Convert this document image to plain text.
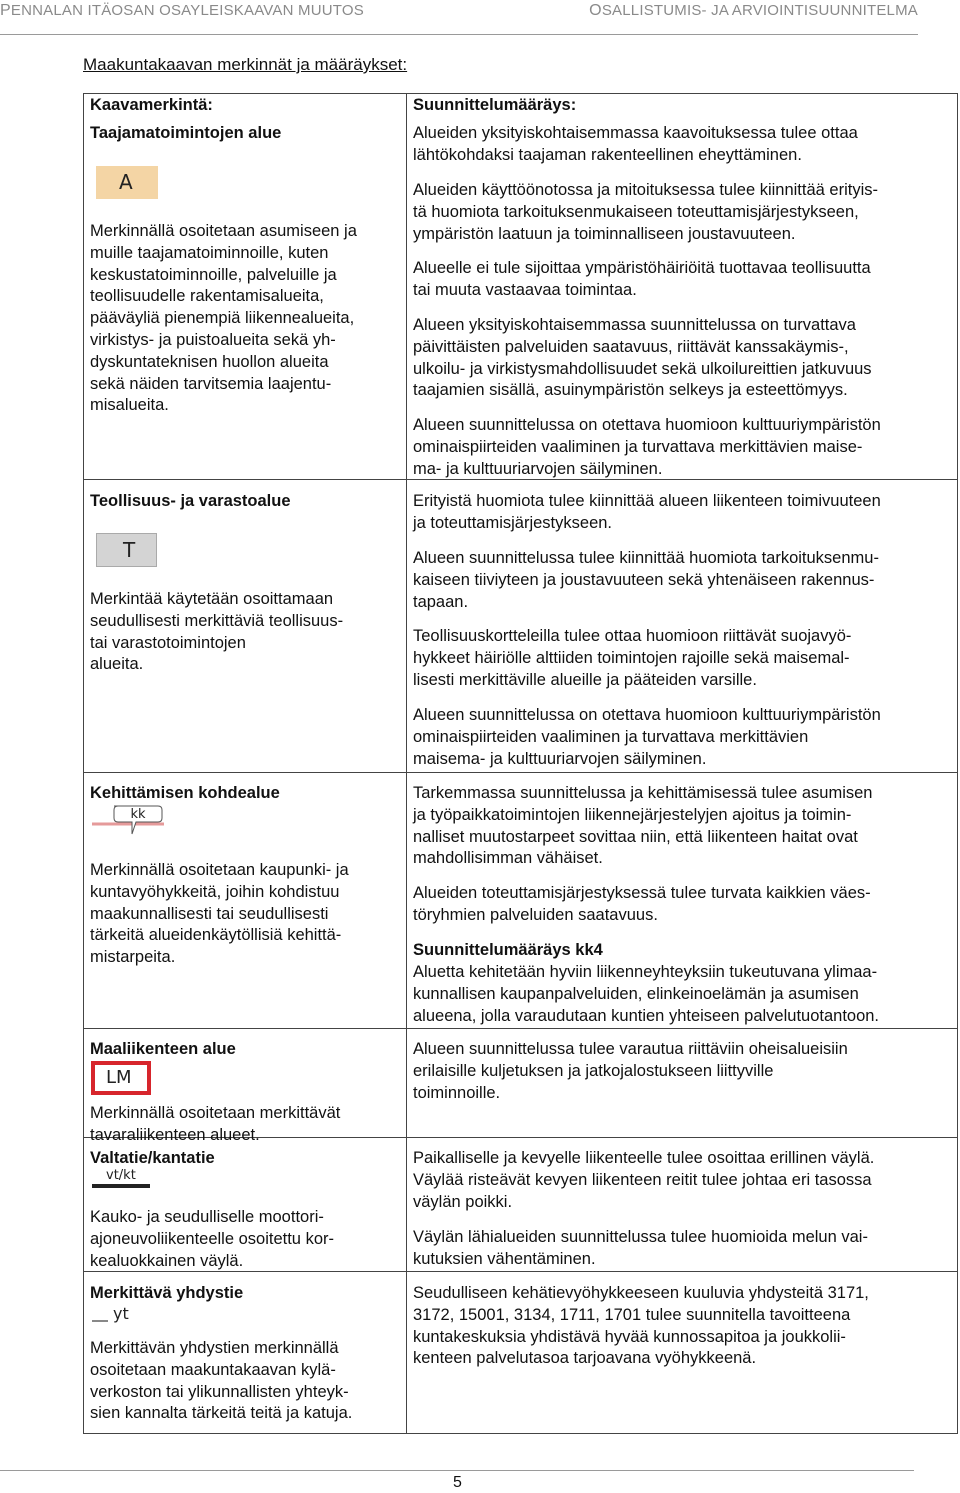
PENNALAN ITÄOSAN OSAYLEISKAAVAN MUUTOS	OSALLISTUMIS- JA ARVIOINTISUUNNITELMA
Maakuntakaavan merkinnät ja määräykset:
Kaavamerkintä:	Suunnittelumääräys:
Taajamatoimintojen alue
A
Merkinnällä osoitetaan asumiseen ja
muille taajamatoiminnoille, kuten
keskustatoiminnoille, palveluille ja
teollisuudelle rakentamisalueita,
pääväyliä pienempiä liikennealueita,
virkistys- ja puistoalueita sekä yh-
dyskuntateknisen huollon alueita
sekä näiden tarvitsemia laajentu-
misalueita.
Alueiden yksityiskohtaisemmassa kaavoituksessa tulee ottaa
lähtökohdaksi taajaman rakenteellinen eheyttäminen.
Alueiden käyttöönotossa ja mitoituksessa tulee kiinnittää erityis-
tä huomiota tarkoituksenmukaiseen toteuttamisjärjestykseen,
ympäristön laatuun ja toiminnalliseen joustavuuteen.
Alueelle ei tule sijoittaa ympäristöhäiriöitä tuottavaa teollisuutta
tai muuta vastaavaa toimintaa.
Alueen yksityiskohtaisemmassa suunnittelussa on turvattava
päivittäisten palveluiden saatavuus, riittävät kanssakäymis-,
ulkoilu- ja virkistysmahdollisuudet sekä ulkoilureittien jatkuvuus
taajamien sisällä, asuinympäristön selkeys ja esteettömyys.
Alueen suunnittelussa on otettava huomioon kulttuuriympäristön
ominaispiirteiden vaaliminen ja turvattava merkittävien maise-
ma- ja kulttuuriarvojen säilyminen.
Teollisuus- ja varastoalue
T
Merkintää käytetään osoittamaan
seudullisesti merkittäviä teollisuus-
tai varastotoimintojen
alueita.
Erityistä huomiota tulee kiinnittää alueen liikenteen toimivuuteen
ja toteuttamisjärjestykseen.
Alueen suunnittelussa tulee kiinnittää huomiota tarkoituksenmu-
kaiseen tiiviyteen ja joustavuuteen sekä yhtenäiseen rakennus-
tapaan.
Teollisuuskortteleilla tulee ottaa huomioon riittävät suojavyö-
hykkeet häiriölle alttiiden toimintojen rajoille sekä maisemal-
lisesti merkittäville alueille ja pääteiden varsille.
Alueen suunnittelussa on otettava huomioon kulttuuriympäristön
ominaispiirteiden vaaliminen ja turvattava merkittävien
maisema- ja kulttuuriarvojen säilyminen.
Kehittämisen kohdealue
kk
Merkinnällä osoitetaan kaupunki- ja
kuntavyöhykkeitä, joihin kohdistuu
maakunnallisesti tai seudullisesti
tärkeitä alueidenkäytöllisiä kehittä-
mistarpeita.
Tarkemmassa suunnittelussa ja kehittämisessä tulee asumisen
ja työpaikkatoimintojen liikennejärjestelyjen ajoitus ja toimin-
nalliset muutostarpeet sovittaa niin, että liikenteen haitat ovat
mahdollisimman vähäiset.
Alueiden toteuttamisjärjestyksessä tulee turvata kaikkien väes-
töryhmien palveluiden saatavuus.
Suunnittelumääräys kk4
Aluetta kehitetään hyviin liikenneyhteyksiin tukeutuvana ylimaa-
kunnallisen kaupanpalveluiden, elinkeinoelämän ja asumisen
alueena, jolla varaudutaan kuntien yhteiseen palvelutuotantoon.
Maaliikenteen alue
LM
Merkinnällä osoitetaan merkittävät
tavaraliikenteen alueet.
Alueen suunnittelussa tulee varautua riittäviin oheisalueisiin
erilaisille kuljetuksen ja jatkojalostukseen liittyville
toiminnoille.
Valtatie/kantatie
vt/kt
Kauko- ja seudulliselle moottori-
ajoneuvoliikenteelle osoitettu kor-
kealuokkainen väylä.
Paikalliselle ja kevyelle liikenteelle tulee osoittaa erillinen väylä.
Väylää risteävät kevyen liikenteen reitit tulee johtaa eri tasossa
väylän poikki.
Väylän lähialueiden suunnittelussa tulee huomioida melun vai-
kutuksien vähentäminen.
Merkittävä yhdystie
yt
Merkittävän yhdystien merkinnällä
osoitetaan maakuntakaavan kylä-
verkoston tai ylikunnallisten yhteyk-
sien kannalta tärkeitä teitä ja katuja.
Seudulliseen kehätievyöhykkeeseen kuuluvia yhdysteitä 3171,
3172, 15001, 3134, 1711, 1701 tulee suunnitella tavoitteena
kuntakeskuksia yhdistävä hyvää kunnossapitoa ja joukkolii-
kenteen palvelutasoa tarjoavana vyöhykkeenä.
5
